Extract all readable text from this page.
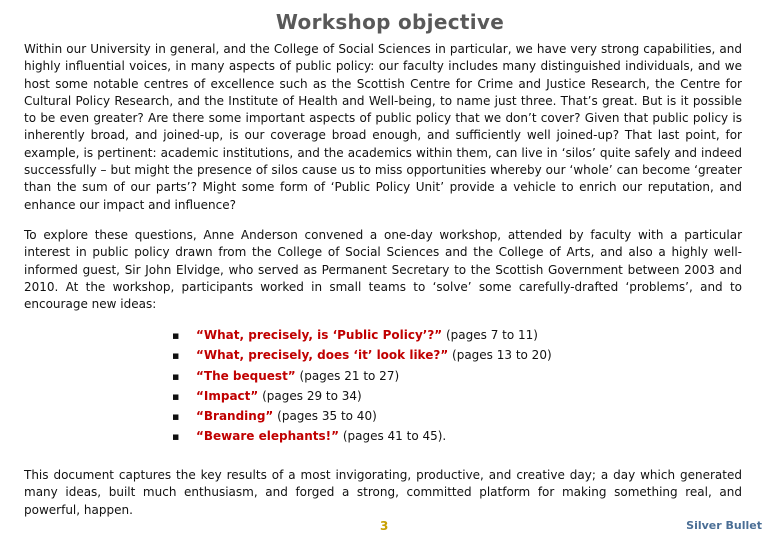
Workshop objective

Within our University in general, and the College of Social Sciences in particular, we have very strong capabilities, and highly influential voices, in many aspects of public policy: our faculty includes many distinguished individuals, and we host some notable centres of excellence such as the Scottish Centre for Crime and Justice Research, the Centre for Cultural Policy Research, and the Institute of Health and Well-being, to name just three. That’s great. But is it possible to be even greater? Are there some important aspects of public policy that we don’t cover? Given that public policy is inherently broad, and joined-up, is our coverage broad enough, and sufficiently well joined-up? That last point, for example, is pertinent: academic institutions, and the academics within them, can live in ‘silos’ quite safely and indeed successfully – but might the presence of silos cause us to miss opportunities whereby our ‘whole’ can become ‘greater than the sum of our parts’? Might some form of ‘Public Policy Unit’ provide a vehicle to enrich our reputation, and enhance our impact and influence?

To explore these questions, Anne Anderson convened a one-day workshop, attended by faculty with a particular interest in public policy drawn from the College of Social Sciences and the College of Arts, and also a highly well-informed guest, Sir John Elvidge, who served as Permanent Secretary to the Scottish Government between 2003 and 2010. At the workshop, participants worked in small teams to ‘solve’ some carefully-drafted ‘problems’, and to encourage new ideas:

▪ “What, precisely, is ‘Public Policy’?” (pages 7 to 11)
▪ “What, precisely, does ‘it’ look like?” (pages 13 to 20)
▪ “The bequest” (pages 21 to 27)
▪ “Impact” (pages 29 to 34)
▪ “Branding” (pages 35 to 40)
▪ “Beware elephants!” (pages 41 to 45).

This document captures the key results of a most invigorating, productive, and creative day; a day which generated many ideas, built much enthusiasm, and forged a strong, committed platform for making something real, and powerful, happen.

3	Silver Bullet
